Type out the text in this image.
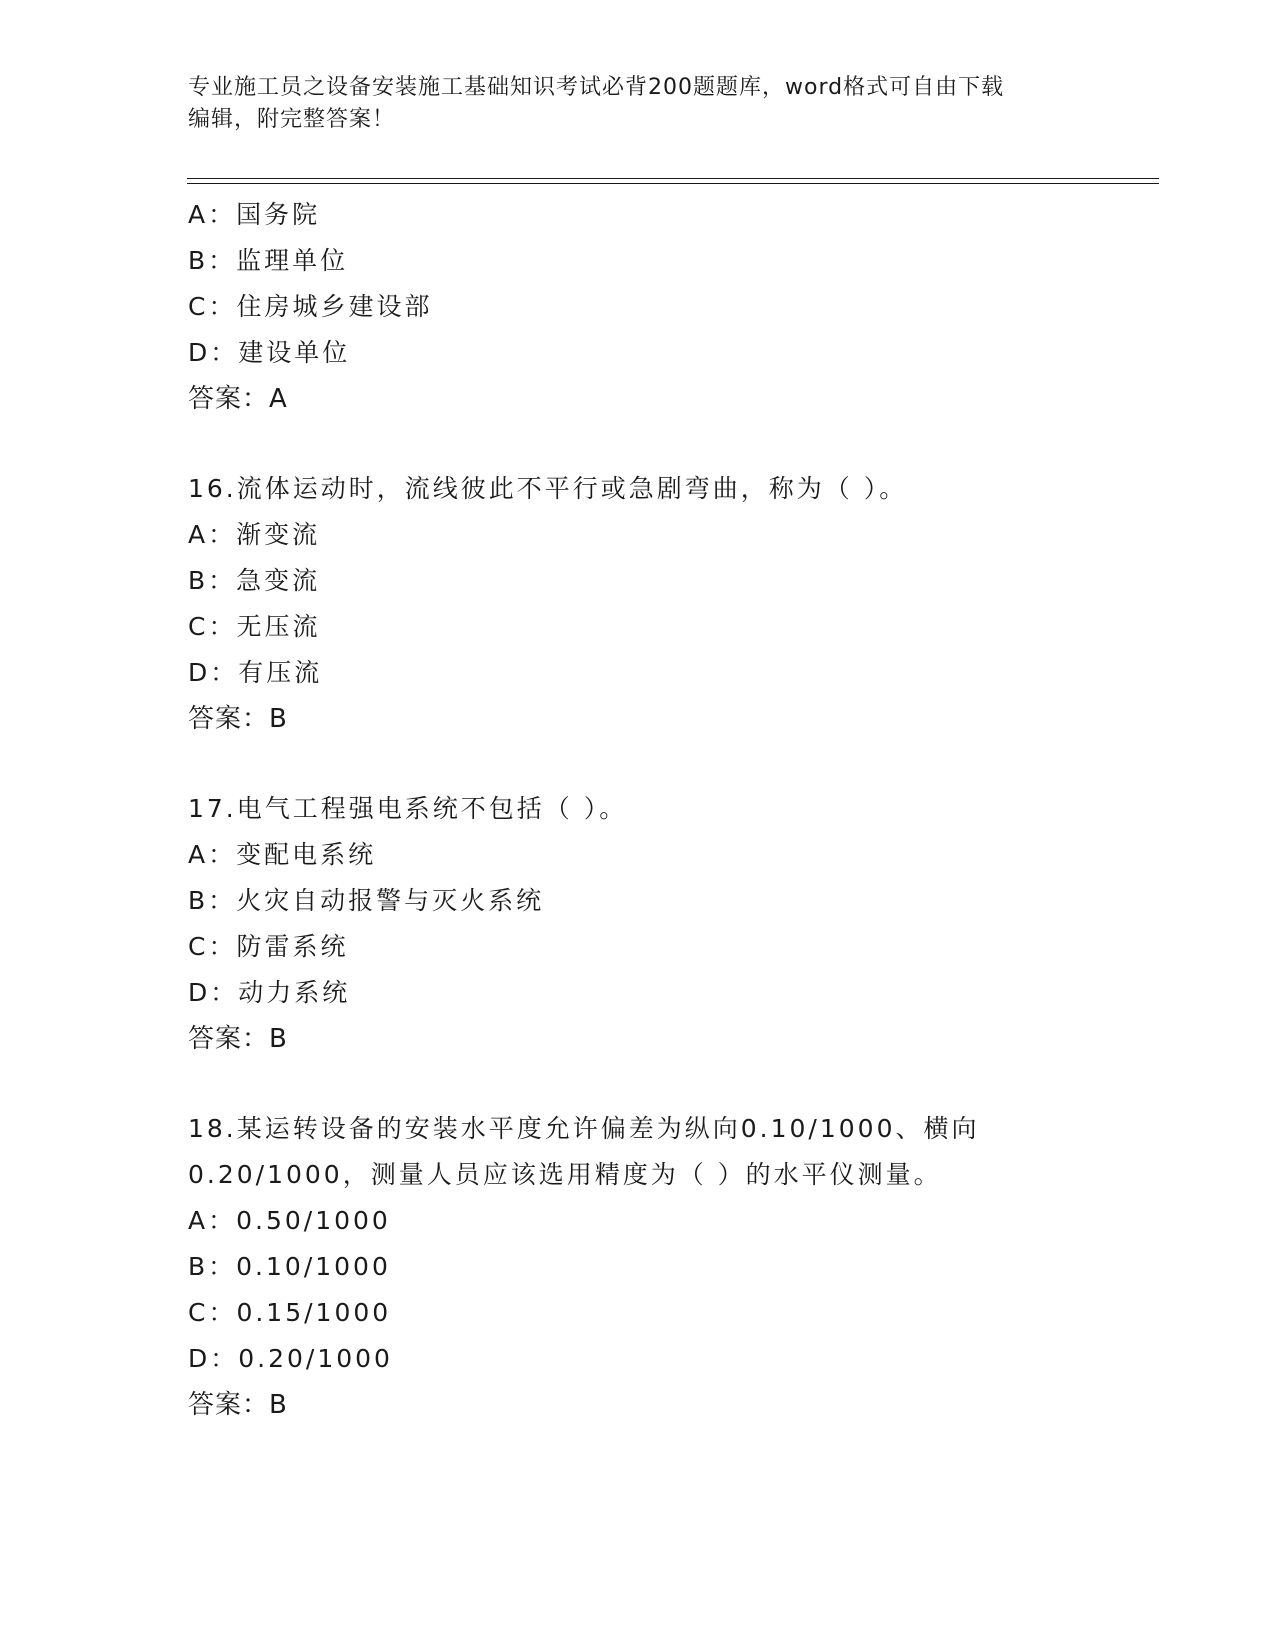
专业施工员之设备安装施工基础知识考试必背200题题库，word格式可自由下载
编辑，附完整答案！
A：国务院
B：监理单位
C：住房城乡建设部
D：建设单位
答案：A
16.流体运动时，流线彼此不平行或急剧弯曲，称为（ ）。
A：渐变流
B：急变流
C：无压流
D：有压流
答案：B
17.电气工程强电系统不包括（ ）。
A：变配电系统
B：火灾自动报警与灭火系统
C：防雷系统
D：动力系统
答案：B
18.某运转设备的安装水平度允许偏差为纵向0.10/1000、横向
0.20/1000，测量人员应该选用精度为（ ）的水平仪测量。
A：0.50/1000
B：0.10/1000
C：0.15/1000
D：0.20/1000
答案：B
